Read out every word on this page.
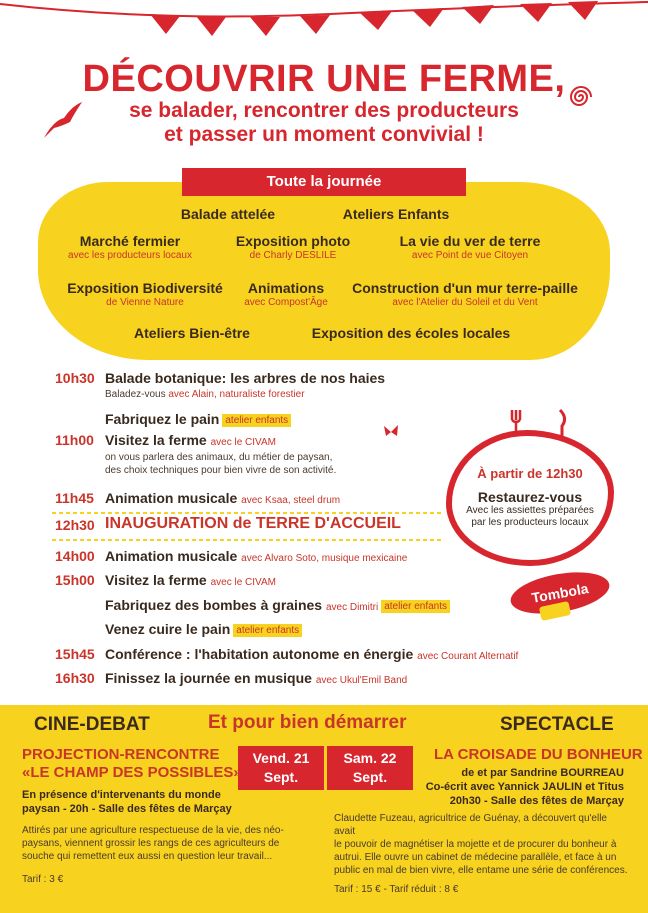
DÉCOUVRIR UNE FERME,
se balader, rencontrer des producteurs
et passer un moment convivial !
Toute la journée
Balade attelée	Ateliers Enfants
Marché fermier
avec les producteurs locaux
Exposition photo
de Charly DESLILE
La vie du ver de terre
avec Point de vue Citoyen
Exposition Biodiversité
de Vienne Nature
Animations
avec Compost'Âge
Construction d'un mur terre-paille
avec l'Atelier du Soleil et du Vent
Ateliers Bien-être	Exposition des écoles locales
10h30 Balade botanique: les arbres de nos haies
Baladez-vous avec Alain, naturaliste forestier
Fabriquez le pain atelier enfants
11h00 Visitez la ferme avec le CIVAM
on vous parlera des animaux, du métier de paysan,
des choix techniques pour bien vivre de son activité.
11h45 Animation musicale avec Ksaa, steel drum
12h30 INAUGURATION de TERRE D'ACCUEIL
14h00 Animation musicale avec Alvaro Soto, musique mexicaine
15h00 Visitez la ferme avec le CIVAM
Fabriquez des bombes à graines avec Dimitri atelier enfants
Venez cuire le pain atelier enfants
15h45 Conférence : l'habitation autonome en énergie avec Courant Alternatif
16h30 Finissez la journée en musique avec Ukul'Emil Band
À partir de 12h30
Restaurez-vous
Avec les assiettes préparées
par les producteurs locaux
Tombola
CINE-DEBAT	Et pour bien démarrer	SPECTACLE
Vend. 21
Sept.
Sam. 22
Sept.
PROJECTION-RENCONTRE
«LE CHAMP DES POSSIBLES»
En présence d'intervenants du monde
paysan - 20h - Salle des fêtes de Marçay
Attirés par une agriculture respectueuse de la vie, des néo-
paysans, viennent grossir les rangs de ces agriculteurs de
souche qui remettent eux aussi en question leur travail...
Tarif : 3 €
LA CROISADE DU BONHEUR
de et par Sandrine BOURREAU
Co-écrit avec Yannick JAULIN et Titus
20h30 - Salle des fêtes de Marçay
Claudette Fuzeau, agricultrice de Guénay, a découvert qu'elle avait
le pouvoir de magnétiser la mojette et de procurer du bonheur à
autrui. Elle ouvre un cabinet de médecine parallèle, et face à un
public en mal de bien vivre, elle entame une série de conférences.
Tarif : 15 € - Tarif réduit : 8 €
